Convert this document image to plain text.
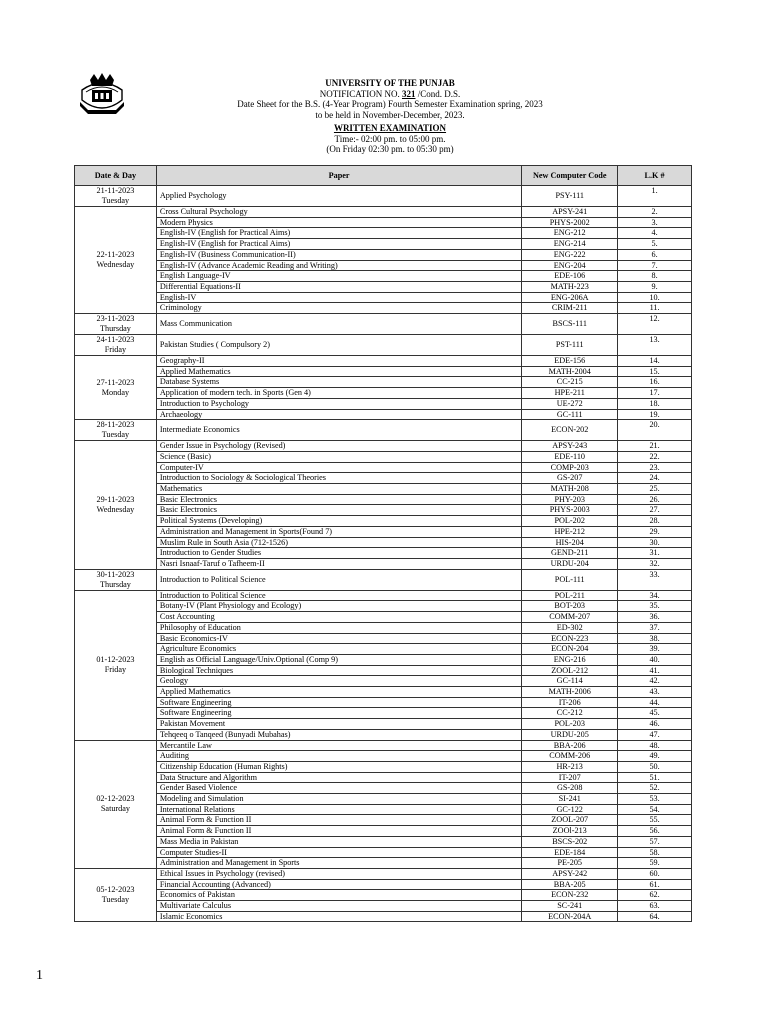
UNIVERSITY OF THE PUNJAB
NOTIFICATION NO. 321 /Cond. D.S.
Date Sheet for the B.S. (4-Year Program) Fourth Semester Examination spring, 2023
to be held in November-December, 2023.
WRITTEN EXAMINATION
Time:- 02:00 pm. to 05:00 pm.
(On Friday 02:30 pm. to 05:30 pm)
Date & Day	Paper	New Computer Code	L.K #

21-11-2023
Tuesday	Applied Psychology	PSY-111	1.

22-11-2023
Wednesday	Cross Cultural Psychology	APSY-241	2.
	Modern Physics	PHYS-2002	3.
	English-IV (English for Practical Aims)	ENG-212	4.
	English-IV (English for Practical Aims)	ENG-214	5.
	English-IV (Business Communication-II)	ENG-222	6.
	English-IV (Advance Academic Reading and Writing)	ENG-204	7.
	English Language-IV	EDE-106	8.
	Differential Equations-II	MATH-223	9.
	English-IV	ENG-206A	10.
	Criminology	CRIM-211	11.

23-11-2023
Thursday	Mass Communication	BSCS-111	12.

24-11-2023
Friday	Pakistan Studies ( Compulsory 2)	PST-111	13.

27-11-2023
Monday	Geography-II	EDE-156	14.
	Applied Mathematics	MATH-2004	15.
	Database Systems	CC-215	16.
	Application of modern tech. in Sports (Gen 4)	HPE-211	17.
	Introduction to Psychology	UE-272	18.
	Archaeology	GC-111	19.

28-11-2023
Tuesday	Intermediate Economics	ECON-202	20.

29-11-2023
Wednesday	Gender Issue in Psychology (Revised)	APSY-243	21.
	Science (Basic)	EDE-110	22.
	Computer-IV	COMP-203	23.
	Introduction to Sociology & Sociological Theories	GS-207	24.
	Mathematics	MATH-208	25.
	Basic Electronics	PHY-203	26.
	Basic Electronics	PHYS-2003	27.
	Political Systems (Developing)	POL-202	28.
	Administration and Management in Sports(Found 7)	HPE-212	29.
	Muslim Rule in South Asia (712-1526)	HIS-204	30.
	Introduction to Gender Studies	GEND-211	31.
	Nasri Isnaaf-Taruf o Tafheem-II	URDU-204	32.

30-11-2023
Thursday	Introduction to Political Science	POL-111	33.

01-12-2023
Friday	Introduction to Political Science	POL-211	34.
	Botany-IV (Plant Physiology and Ecology)	BOT-203	35.
	Cost Accounting	COMM-207	36.
	Philosophy of Education	ED-302	37.
	Basic Economics-IV	ECON-223	38.
	Agriculture Economics	ECON-204	39.
	English as Official Language/Univ.Optional (Comp 9)	ENG-216	40.
	Biological Techniques	ZOOL-212	41.
	Geology	GC-114	42.
	Applied Mathematics	MATH-2006	43.
	Software Engineering	IT-206	44.
	Software Engineering	CC-212	45.
	Pakistan Movement	POL-203	46.
	Tehqeeq o Tanqeed (Bunyadi Mubahas)	URDU-205	47.

02-12-2023
Saturday	Mercantile Law	BBA-206	48.
	Auditing	COMM-206	49.
	Citizenship Education (Human Rights)	HR-213	50.
	Data Structure and Algorithm	IT-207	51.
	Gender Based Violence	GS-208	52.
	Modeling and Simulation	SI-241	53.
	International Relations	GC-122	54.
	Animal Form & Function II	ZOOL-207	55.
	Animal Form & Function II	ZOOl-213	56.
	Mass Media in Pakistan	BSCS-202	57.
	Computer Studies-II	EDE-184	58.
	Administration and Management in Sports	PE-205	59.

05-12-2023
Tuesday	Ethical Issues in Psychology (revised)	APSY-242	60.
	Financial Accounting (Advanced)	BBA-205	61.
	Economics of Pakistan	ECON-232	62.
	Multivariate Calculus	SC-241	63.
	Islamic Economics	ECON-204A	64.
1
